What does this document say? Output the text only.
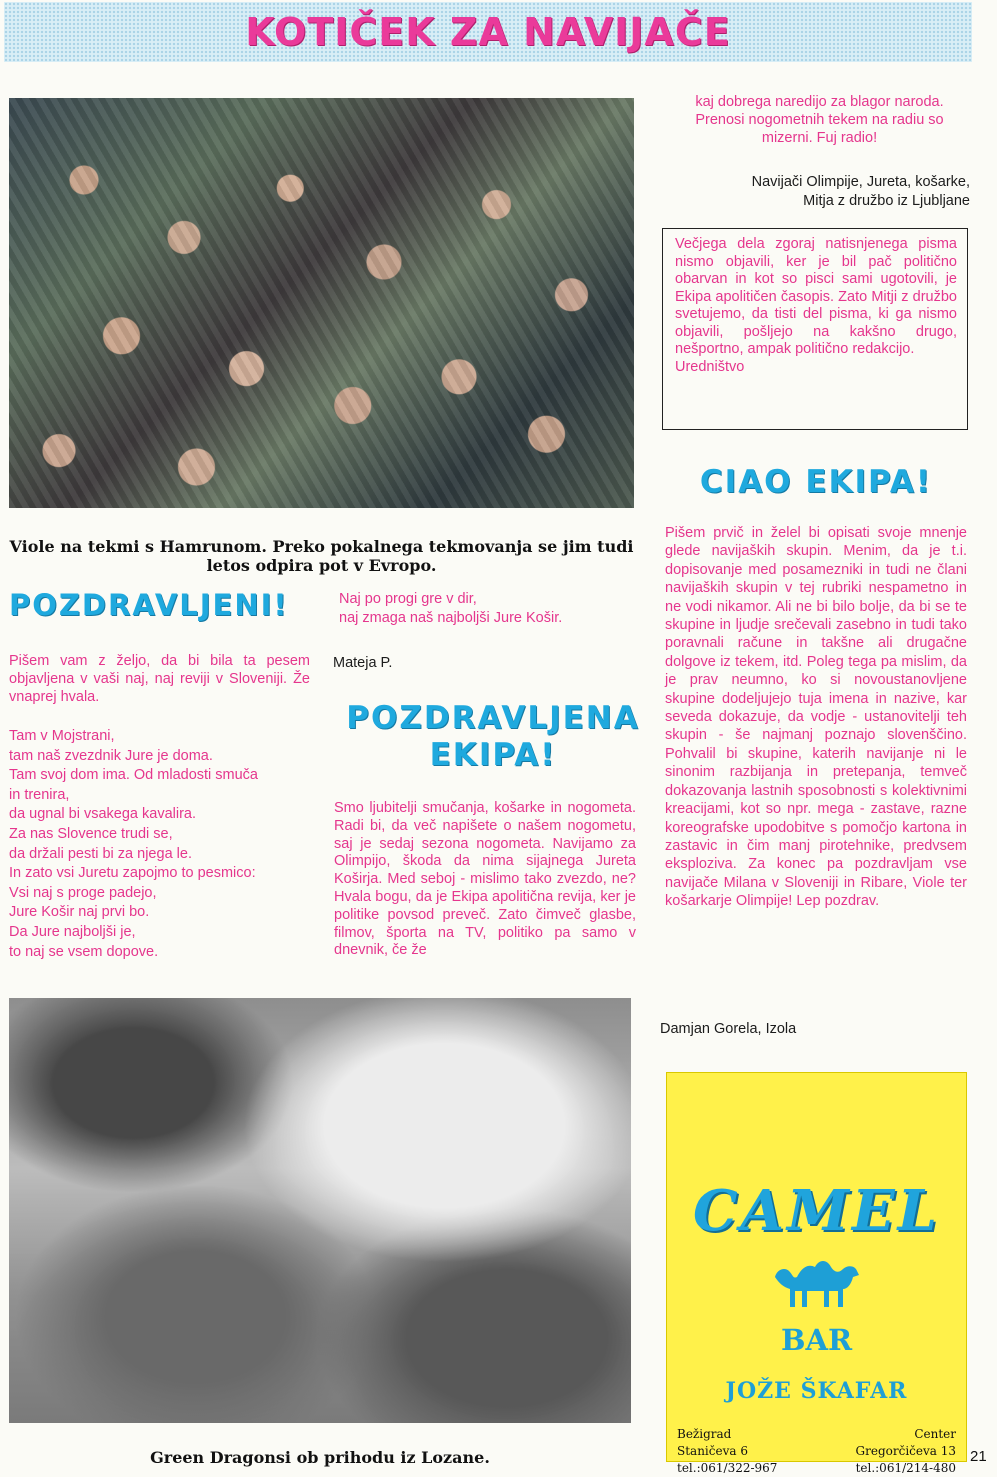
KOTIČEK ZA NAVIJAČE
Viole na tekmi s Hamrunom. Preko pokalnega tekmovanja se jim tudi letos odpira pot v Evropo.
kaj dobrega naredijo za blagor naroda. Prenosi nogometnih tekem na radiu so mizerni. Fuj radio!
Navijači Olimpije, Jureta, košarke,
Mitja z družbo iz Ljubljane
Večjega dela zgoraj natisnjenega pisma nismo objavili, ker je bil pač politično obarvan in kot so pisci sami ugotovili, je Ekipa apolitičen časopis. Zato Mitji z družbo svetujemo, da tisti del pisma, ki ga nismo objavili, pošljejo na kakšno drugo, nešportno, ampak politično redakcijo.
Uredništvo
CIAO EKIPA!
Pišem prvič in želel bi opisati svoje mnenje glede navijaških skupin. Menim, da je t.i. dopisovanje med posamezniki in tudi ne člani navijaških skupin v tej rubriki nespametno in ne vodi nikamor. Ali ne bi bilo bolje, da bi se te skupine in ljudje srečevali zasebno in tudi tako poravnali račune in takšne ali drugačne dolgove iz tekem, itd. Poleg tega pa mislim, da je prav neumno, ko si novoustanovljene skupine dodeljujejo tuja imena in nazive, kar seveda dokazuje, da vodje - ustanovitelji teh skupin - še najmanj poznajo slovenščino. Pohvalil bi skupine, katerih navijanje ni le sinonim razbijanja in pretepanja, temveč dokazovanja lastnih sposobnosti s kolektivnimi kreacijami, kot so npr. mega - zastave, razne koreografske upodobitve s pomočjo kartona in zastavic in čim manj pirotehnike, predvsem eksploziva. Za konec pa pozdravljam vse navijače Milana v Sloveniji in Ribare, Viole ter košarkarje Olimpije! Lep pozdrav.
Damjan Gorela, Izola
POZDRAVLJENI!
Pišem vam z željo, da bi bila ta pesem objavljena v vaši naj, naj reviji v Sloveniji. Že vnaprej hvala.
Tam v Mojstrani,
tam naš zvezdnik Jure je doma.
Tam svoj dom ima. Od mladosti smuča
in trenira,
da ugnal bi vsakega kavalira.
Za nas Slovence trudi se,
da držali pesti bi za njega le.
In zato vsi Juretu zapojmo to pesmico:
Vsi naj s proge padejo,
Jure Košir naj prvi bo.
Da Jure najboljši je,
to naj se vsem dopove.
Naj po progi gre v dir,
naj zmaga naš najboljši Jure Košir.
Mateja P.
POZDRAVLJENA
EKIPA!
Smo ljubitelji smučanja, košarke in nogometa. Radi bi, da več napišete o našem nogometu, saj je sedaj sezona nogometa. Navijamo za Olimpijo, škoda da nima sijajnega Jureta Koširja. Med seboj - mislimo tako zvezdo, ne? Hvala bogu, da je Ekipa apolitična revija, ker je politike povsod preveč. Zato čimveč glasbe, filmov, športa na TV, politiko pa samo v dnevnik, če že
Green Dragonsi ob prihodu iz Lozane.
CAMEL
BAR
JOŽE ŠKAFAR
Bežigrad
Staničeva 6
tel.:061/322-967
Center
Gregorčičeva 13
tel.:061/214-480
21
